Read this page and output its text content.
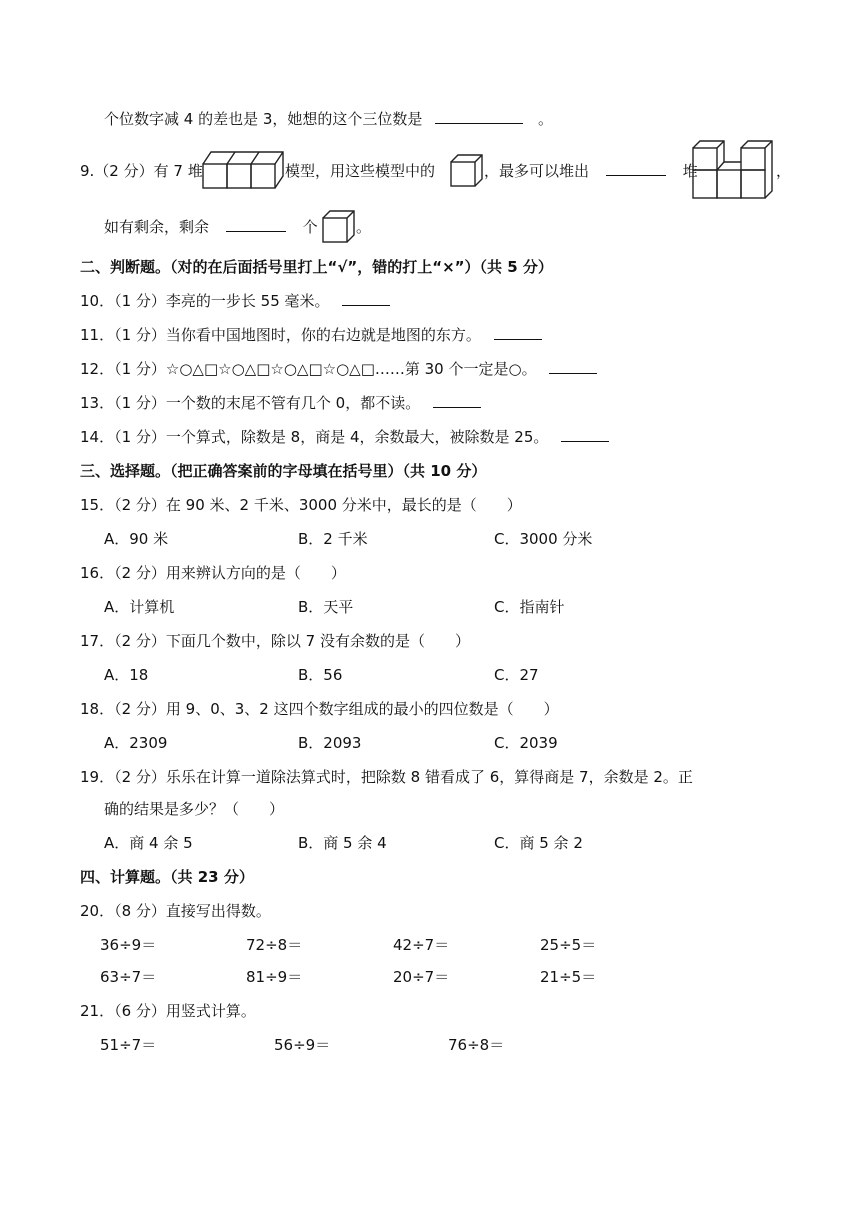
个位数字减 4 的差也是 3，她想的这个三位数是	。
9.（2 分）有 7 堆	模型，用这些模型中的	，最多可以堆出	堆	，
如有剩余，剩余	个	。
二、判断题。（对的在后面括号里打上“√”，错的打上“×”）（共 5 分）
10．（1 分）李亮的一步长 55 毫米。
11．（1 分）当你看中国地图时，你的右边就是地图的东方。
12．（1 分）☆○△□☆○△□☆○△□☆○△□……第 30 个一定是○。
13．（1 分）一个数的末尾不管有几个 0，都不读。
14．（1 分）一个算式，除数是 8，商是 4，余数最大，被除数是 25。
三、选择题。（把正确答案前的字母填在括号里）（共 10 分）
15．（2 分）在 90 米、2 千米、3000 分米中，最长的是（　　）
A．90 米	B．2 千米	C．3000 分米
16．（2 分）用来辨认方向的是（　　）
A．计算机	B．天平	C．指南针
17．（2 分）下面几个数中，除以 7 没有余数的是（　　）
A．18	B．56	C．27
18．（2 分）用 9、0、3、2 这四个数字组成的最小的四位数是（　　）
A．2309	B．2093	C．2039
19．（2 分）乐乐在计算一道除法算式时，把除数 8 错看成了 6，算得商是 7，余数是 2。正
确的结果是多少？（　　）
A．商 4 余 5	B．商 5 余 4	C．商 5 余 2
四、计算题。（共 23 分）
20．（8 分）直接写出得数。
36÷9＝	72÷8＝	42÷7＝	25÷5＝
63÷7＝	81÷9＝	20÷7＝	21÷5＝
21．（6 分）用竖式计算。
51÷7＝	56÷9＝	76÷8＝
